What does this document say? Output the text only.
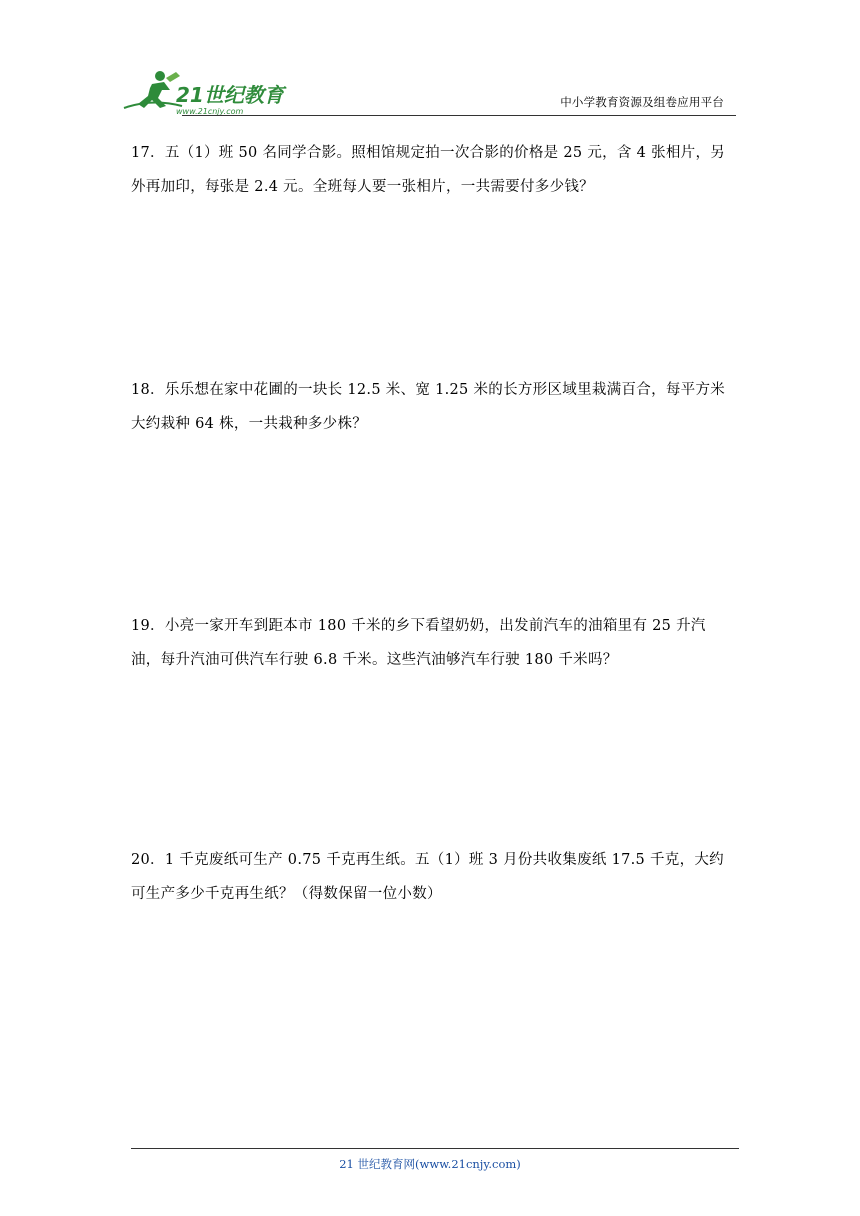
21世纪教育
www.21cnjy.com
中小学教育资源及组卷应用平台
17．五（1）班 50 名同学合影。照相馆规定拍一次合影的价格是 25 元，含 4 张相片，另外再加印，每张是 2.4 元。全班每人要一张相片，一共需要付多少钱？
18．乐乐想在家中花圃的一块长 12.5 米、宽 1.25 米的长方形区域里栽满百合，每平方米大约栽种 64 株，一共栽种多少株？
19．小亮一家开车到距本市 180 千米的乡下看望奶奶，出发前汽车的油箱里有 25 升汽油，每升汽油可供汽车行驶 6.8 千米。这些汽油够汽车行驶 180 千米吗？
20．1 千克废纸可生产 0.75 千克再生纸。五（1）班 3 月份共收集废纸 17.5 千克，大约可生产多少千克再生纸？（得数保留一位小数）
21 世纪教育网(www.21cnjy.com)
